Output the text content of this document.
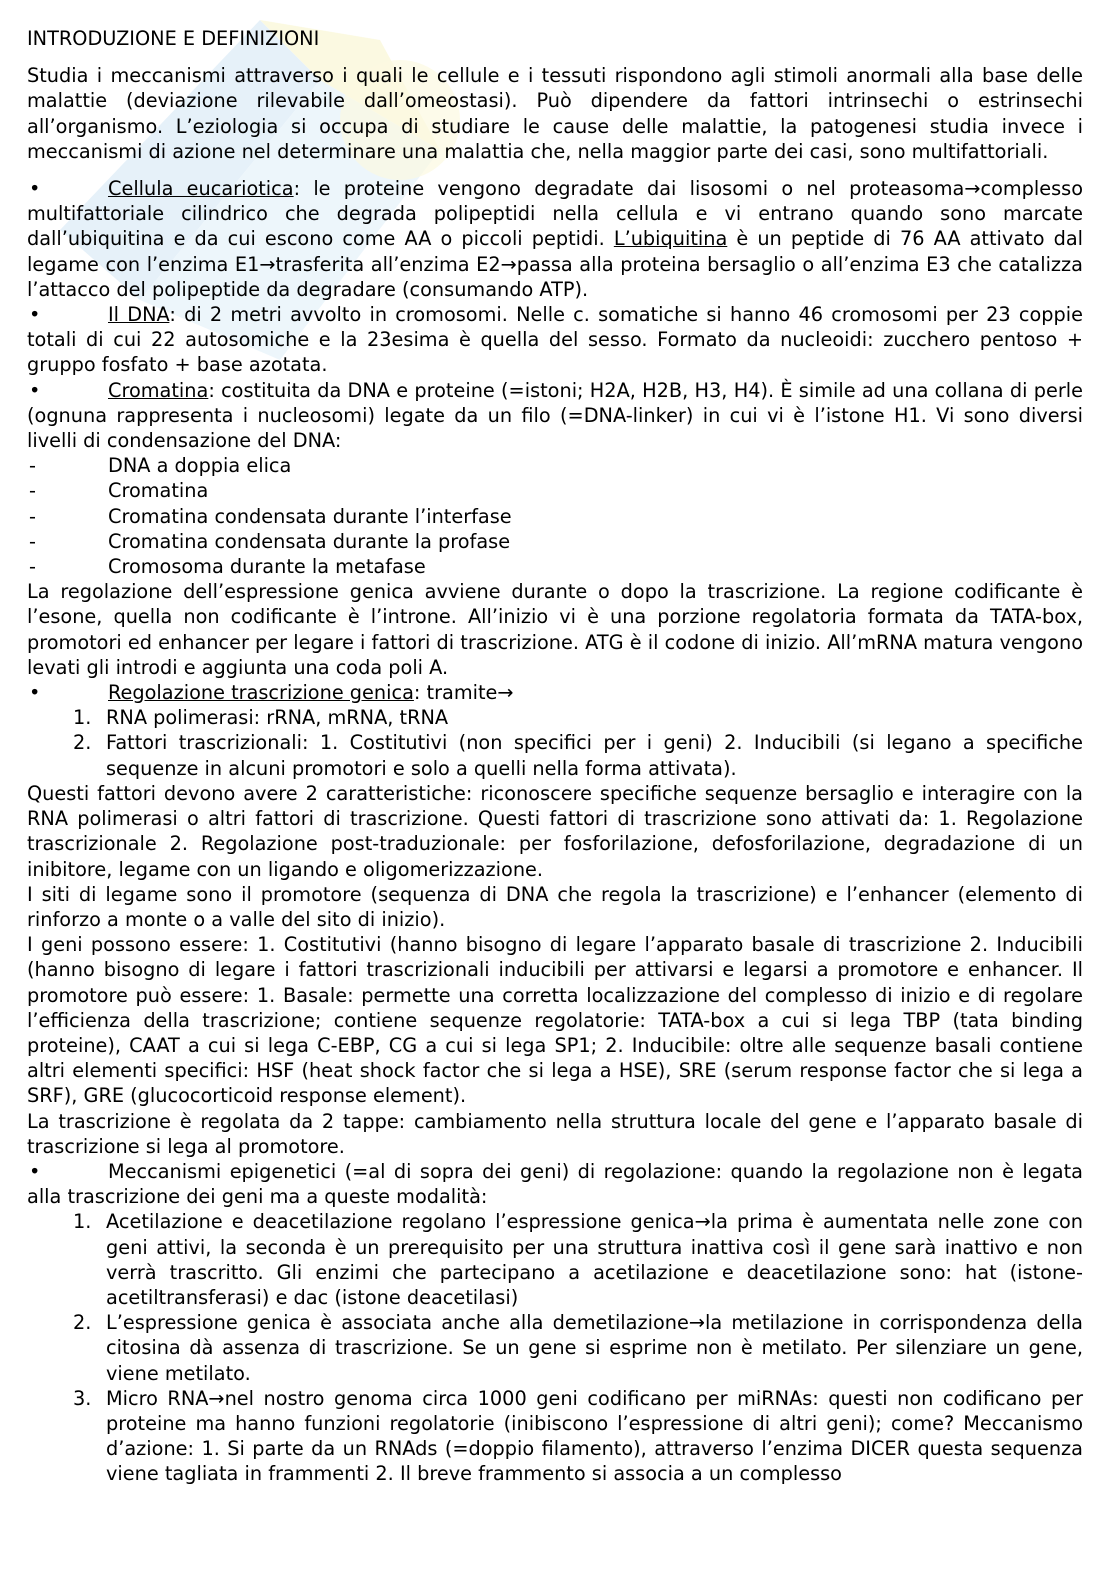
INTRODUZIONE E DEFINIZIONI

Studia i meccanismi attraverso i quali le cellule e i tessuti rispondono agli stimoli anormali alla base delle malattie (deviazione rilevabile dall’omeostasi). Può dipendere da fattori intrinsechi o estrinsechi all’organismo. L’eziologia si occupa di studiare le cause delle malattie, la patogenesi studia invece i meccanismi di azione nel determinare una malattia che, nella maggior parte dei casi, sono multifattoriali.

•	Cellula eucariotica: le proteine vengono degradate dai lisosomi o nel proteasoma→complesso multifattoriale cilindrico che degrada polipeptidi nella cellula e vi entrano quando sono marcate dall’ubiquitina e da cui escono come AA o piccoli peptidi. L’ubiquitina è un peptide di 76 AA attivato dal legame con l’enzima E1→trasferita all’enzima E2→passa alla proteina bersaglio o all’enzima E3 che catalizza l’attacco del polipeptide da degradare (consumando ATP).
•	Il DNA: di 2 metri avvolto in cromosomi. Nelle c. somatiche si hanno 46 cromosomi per 23 coppie totali di cui 22 autosomiche e la 23esima è quella del sesso. Formato da nucleoidi: zucchero pentoso + gruppo fosfato + base azotata.
•	Cromatina: costituita da DNA e proteine (=istoni; H2A, H2B, H3, H4). È simile ad una collana di perle (ognuna rappresenta i nucleosomi) legate da un filo (=DNA-linker) in cui vi è l’istone H1. Vi sono diversi livelli di condensazione del DNA:
-	DNA a doppia elica
-	Cromatina
-	Cromatina condensata durante l’interfase
-	Cromatina condensata durante la profase
-	Cromosoma durante la metafase

La regolazione dell’espressione genica avviene durante o dopo la trascrizione. La regione codificante è l’esone, quella non codificante è l’introne. All’inizio vi è una porzione regolatoria formata da TATA-box, promotori ed enhancer per legare i fattori di trascrizione. ATG è il codone di inizio. All’mRNA matura vengono levati gli introdi e aggiunta una coda poli A.

•	Regolazione trascrizione genica: tramite→
1. RNA polimerasi: rRNA, mRNA, tRNA
2. Fattori trascrizionali: 1. Costitutivi (non specifici per i geni) 2. Inducibili (si legano a specifiche sequenze in alcuni promotori e solo a quelli nella forma attivata).

Questi fattori devono avere 2 caratteristiche: riconoscere specifiche sequenze bersaglio e interagire con la RNA polimerasi o altri fattori di trascrizione. Questi fattori di trascrizione sono attivati da: 1. Regolazione trascrizionale 2. Regolazione post-traduzionale: per fosforilazione, defosforilazione, degradazione di un inibitore, legame con un ligando e oligomerizzazione.

I siti di legame sono il promotore (sequenza di DNA che regola la trascrizione) e l’enhancer (elemento di rinforzo a monte o a valle del sito di inizio).

I geni possono essere: 1. Costitutivi (hanno bisogno di legare l’apparato basale di trascrizione 2. Inducibili (hanno bisogno di legare i fattori trascrizionali inducibili per attivarsi e legarsi a promotore e enhancer. Il promotore può essere: 1. Basale: permette una corretta localizzazione del complesso di inizio e di regolare l’efficienza della trascrizione; contiene sequenze regolatorie: TATA-box a cui si lega TBP (tata binding proteine), CAAT a cui si lega C-EBP, CG a cui si lega SP1; 2. Inducibile: oltre alle sequenze basali contiene altri elementi specifici: HSF (heat shock factor che si lega a HSE), SRE (serum response factor che si lega a SRF), GRE (glucocorticoid response element).

La trascrizione è regolata da 2 tappe: cambiamento nella struttura locale del gene e l’apparato basale di trascrizione si lega al promotore.

•	Meccanismi epigenetici (=al di sopra dei geni) di regolazione: quando la regolazione non è legata alla trascrizione dei geni ma a queste modalità:
1. Acetilazione e deacetilazione regolano l’espressione genica→la prima è aumentata nelle zone con geni attivi, la seconda è un prerequisito per una struttura inattiva così il gene sarà inattivo e non verrà trascritto. Gli enzimi che partecipano a acetilazione e deacetilazione sono: hat (istone-acetiltransferasi) e dac (istone deacetilasi)
2. L’espressione genica è associata anche alla demetilazione→la metilazione in corrispondenza della citosina dà assenza di trascrizione. Se un gene si esprime non è metilato. Per silenziare un gene, viene metilato.
3. Micro RNA→nel nostro genoma circa 1000 geni codificano per miRNAs: questi non codificano per proteine ma hanno funzioni regolatorie (inibiscono l’espressione di altri geni); come? Meccanismo d’azione: 1. Si parte da un RNAds (=doppio filamento), attraverso l’enzima DICER questa sequenza viene tagliata in frammenti 2. Il breve frammento si associa a un complesso
